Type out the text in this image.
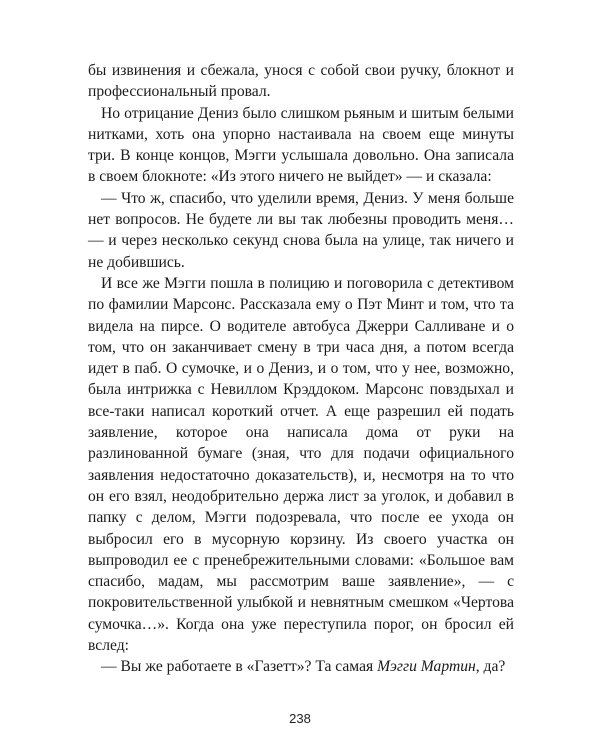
бы извинения и сбежала, унося с собой свои ручку, блокнот и профессиональный провал.

Но отрицание Дениз было слишком рьяным и шитым белыми нитками, хоть она упорно настаивала на своем еще минуты три. В конце концов, Мэгги услышала довольно. Она записала в своем блокноте: «Из этого ничего не выйдет» — и сказала:

— Что ж, спасибо, что уделили время, Дениз. У меня больше нет вопросов. Не будете ли вы так любезны проводить меня… — и через несколько секунд снова была на улице, так ничего и не добившись.

И все же Мэгги пошла в полицию и поговорила с детективом по фамилии Марсонс. Рассказала ему о Пэт Минт и том, что та видела на пирсе. О водителе автобуса Джерри Салливане и о том, что он заканчивает смену в три часа дня, а потом всегда идет в паб. О сумочке, и о Дениз, и о том, что у нее, возможно, была интрижка с Невиллом Крэддоком. Марсонс повздыхал и все-таки написал короткий отчет. А еще разрешил ей подать заявление, которое она написала дома от руки на разлинованной бумаге (зная, что для подачи официального заявления недостаточно доказательств), и, несмотря на то что он его взял, неодобрительно держа лист за уголок, и добавил в папку с делом, Мэгги подозревала, что после ее ухода он выбросил его в мусорную корзину. Из своего участка он выпроводил ее с пренебрежительными словами: «Большое вам спасибо, мадам, мы рассмотрим ваше заявление», — с покровительственной улыбкой и невнятным смешком «Чертова сумочка…». Когда она уже переступила порог, он бросил ей вслед:

— Вы же работаете в «Газетт»? Та самая Мэгги Мартин, да?

238
